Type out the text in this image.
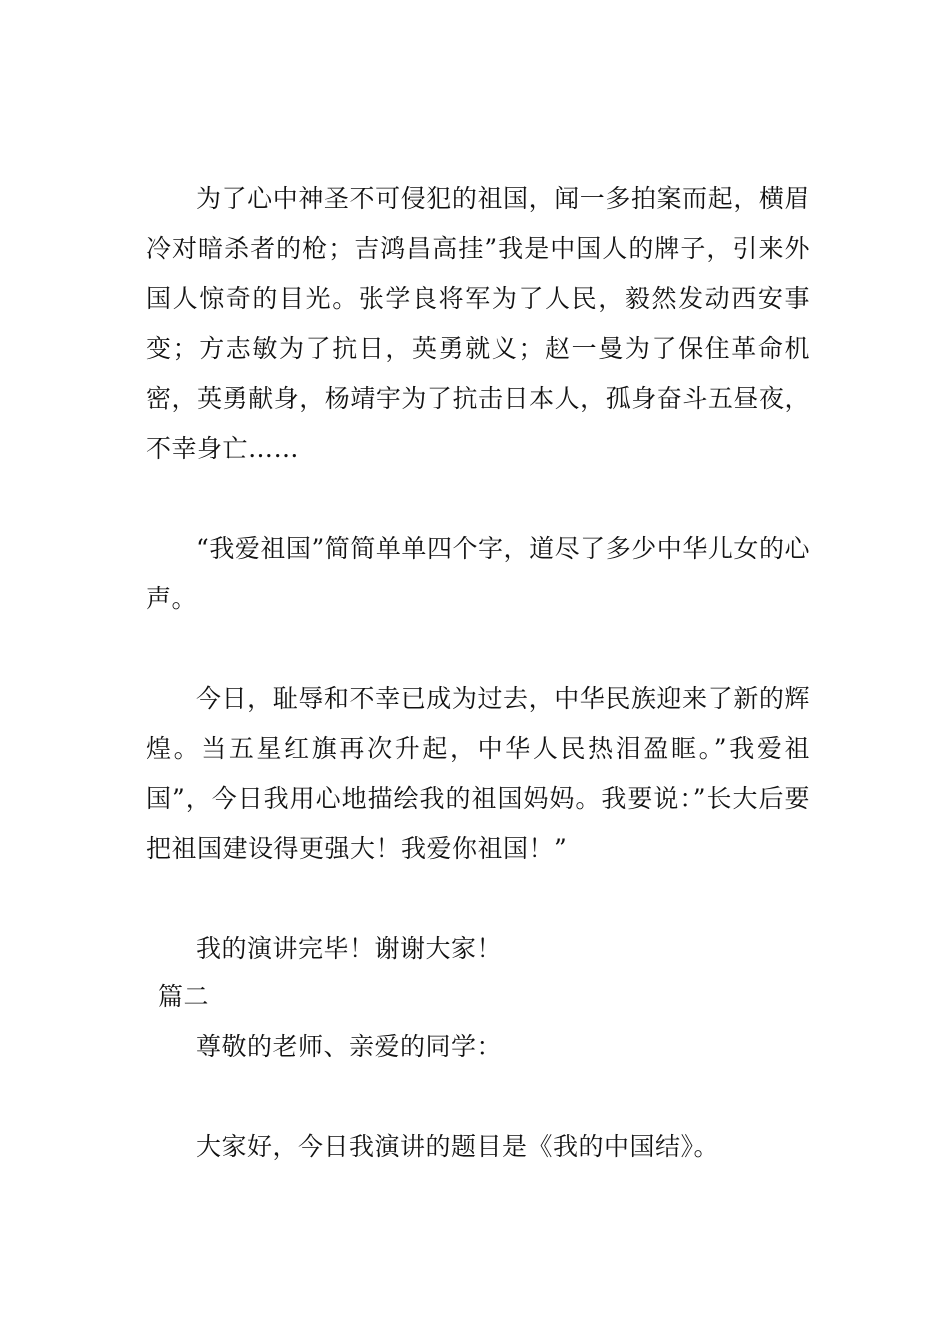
为了心中神圣不可侵犯的祖国，闻一多拍案而起，横眉冷对暗杀者的枪；吉鸿昌高挂”我是中国人的牌子，引来外国人惊奇的目光。张学良将军为了人民，毅然发动西安事变；方志敏为了抗日，英勇就义；赵一曼为了保住革命机密，英勇献身，杨靖宇为了抗击日本人，孤身奋斗五昼夜，不幸身亡……

“我爱祖国”简简单单四个字，道尽了多少中华儿女的心声。

今日，耻辱和不幸已成为过去，中华民族迎来了新的辉煌。当五星红旗再次升起，中华人民热泪盈眶。”我爱祖国”，今日我用心地描绘我的祖国妈妈。我要说：”长大后要把祖国建设得更强大！我爱你祖国！”

我的演讲完毕！谢谢大家！

篇二

尊敬的老师、亲爱的同学：

大家好，今日我演讲的题目是《我的中国结》。
